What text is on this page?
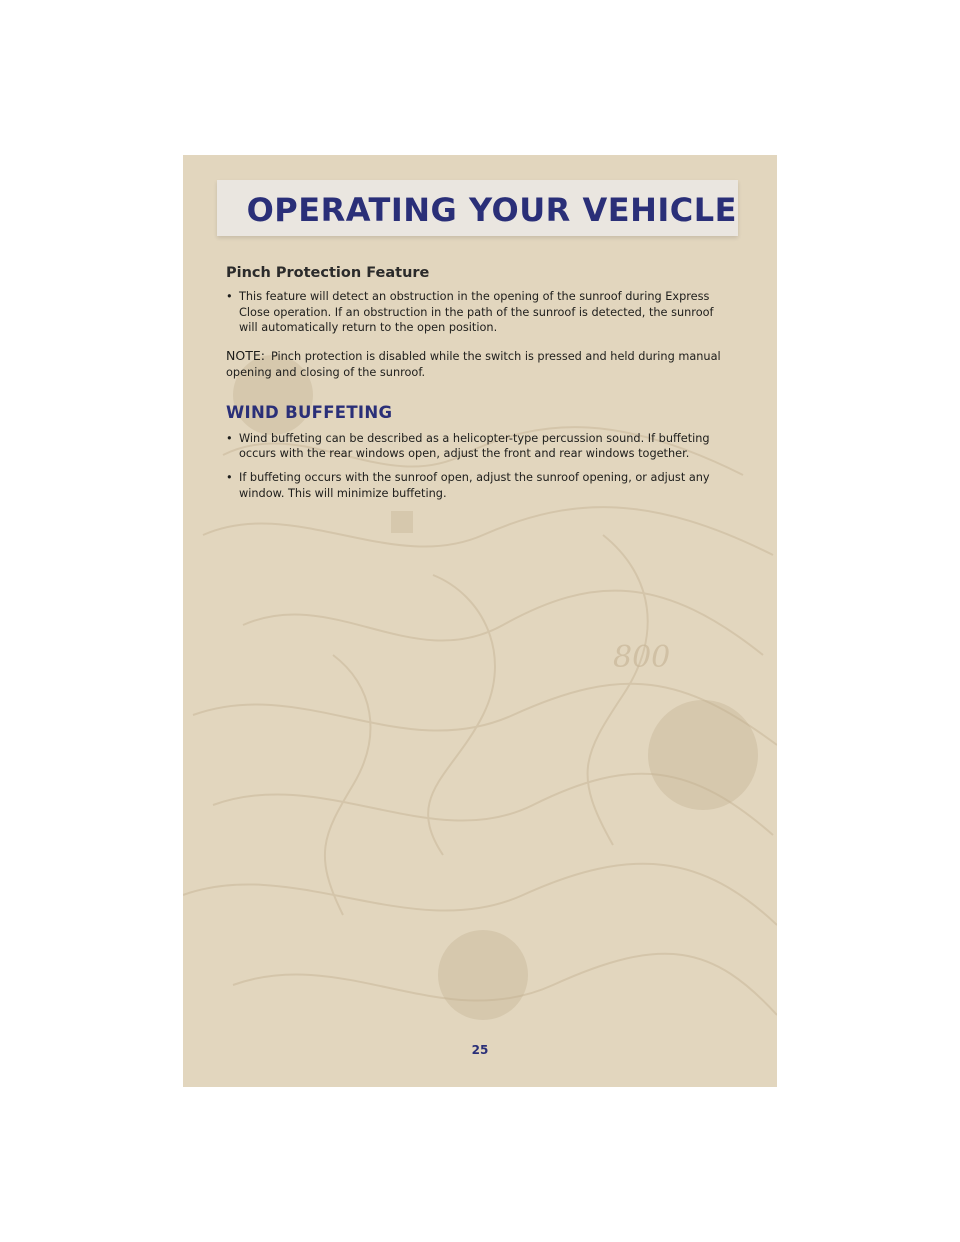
800
OPERATING YOUR VEHICLE
Pinch Protection Feature
• This feature will detect an obstruction in the opening of the sunroof during Express Close operation. If an obstruction in the path of the sunroof is detected, the sunroof will automatically return to the open position.

NOTE: Pinch protection is disabled while the switch is pressed and held during manual opening and closing of the sunroof.

WIND BUFFETING
• Wind buffeting can be described as a helicopter-type percussion sound. If buffeting occurs with the rear windows open, adjust the front and rear windows together.
• If buffeting occurs with the sunroof open, adjust the sunroof opening, or adjust any window. This will minimize buffeting.
25
